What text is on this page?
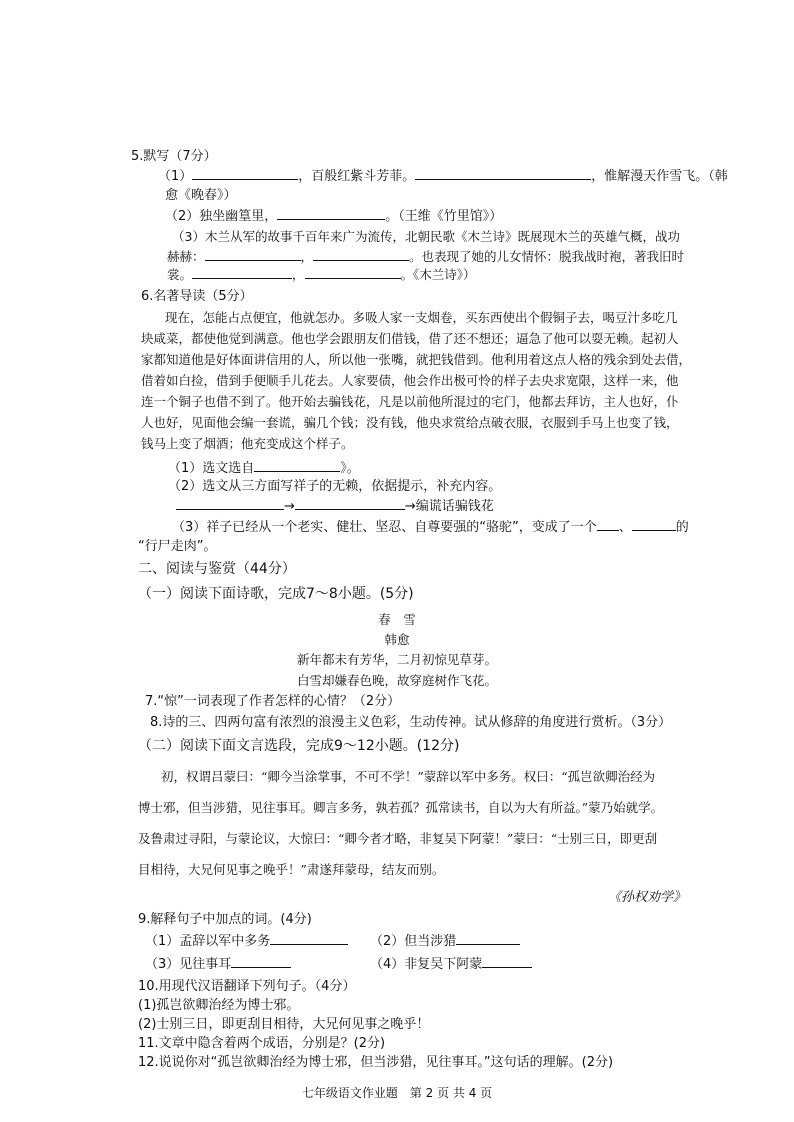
5.默写（7分）
（1）	，百般红紫斗芳菲。	，惟解漫天作雪飞。（韩
愈《晚春》）
（2）独坐幽篁里，	。（王维《竹里馆》）
（3）木兰从军的故事千百年来广为流传，北朝民歌《木兰诗》既展现木兰的英雄气概，战功
赫赫：	，	。也表现了她的儿女情怀：脱我战时袍，著我旧时
裳。	，	。《木兰诗》）
6.名著导读（5分）
现在，怎能占点便宜，他就怎办。多吸人家一支烟卷，买东西使出个假铜子去，喝豆汁多吃几
块咸菜，都使他觉到满意。他也学会跟朋友们借钱，借了还不想还；逼急了他可以耍无赖。起初人
家都知道他是好体面讲信用的人，所以他一张嘴，就把钱借到。他利用着这点人格的残余到处去借，
借着如白捡，借到手便顺手儿花去。人家要债，他会作出极可怜的样子去央求宽限，这样一来，他
连一个铜子也借不到了。他开始去骗钱花，凡是以前他所混过的宅门，他都去拜访，主人也好，仆
人也好，见面他会编一套谎，骗几个钱；没有钱，他央求赏给点破衣服，衣服到手马上也变了钱，
钱马上变了烟酒；他充变成这个样子。
（1）选文选自	》。
（2）选文从三方面写祥子的无赖，依据提示，补充内容。
→	→编谎话骗钱花
（3）祥子已经从一个老实、健壮、坚忍、自尊要强的“骆驼”，变成了一个 、	的
“行尸走肉”。
二、阅读与鉴赏（44分）
（一）阅读下面诗歌，完成7～8小题。(5分)
春　雪
韩愈
新年都未有芳华，二月初惊见草芽。
白雪却嫌春色晚，故穿庭树作飞花。
7.“惊”一词表现了作者怎样的心情？（2分）
8.诗的三、四两句富有浓烈的浪漫主义色彩，生动传神。试从修辞的角度进行赏析。（3分）
（二）阅读下面文言选段，完成9～12小题。(12分)
初，权谓吕蒙曰：“卿今当涂掌事，不可不学！”蒙辞以军中多务。权曰：“孤岂欲卿治经为
博士邪，但当涉猎，见往事耳。卿言多务，孰若孤？孤常读书，自以为大有所益。”蒙乃始就学。
及鲁肃过寻阳，与蒙论议，大惊曰：“卿今者才略，非复吴下阿蒙！”蒙曰：“士别三日，即更刮
目相待，大兄何见事之晚乎！”肃遂拜蒙母，结友而别。
《孙权劝学》
9.解释句子中加点的词。(4分)
（1）孟辞以军中多务	（2）但当涉猎
（3）见往事耳	（4）非复吴下阿蒙
10.用现代汉语翻译下列句子。（4分）
(1)孤岂欲卿治经为博士邪。
(2)士别三日，即更刮目相待，大兄何见事之晚乎！
11.文章中隐含着两个成语，分别是？(2分)
12.说说你对“孤岂欲卿治经为博士邪，但当涉猎，见往事耳。”这句话的理解。(2分)
七年级语文作业題　第 2 页 共 4 页
